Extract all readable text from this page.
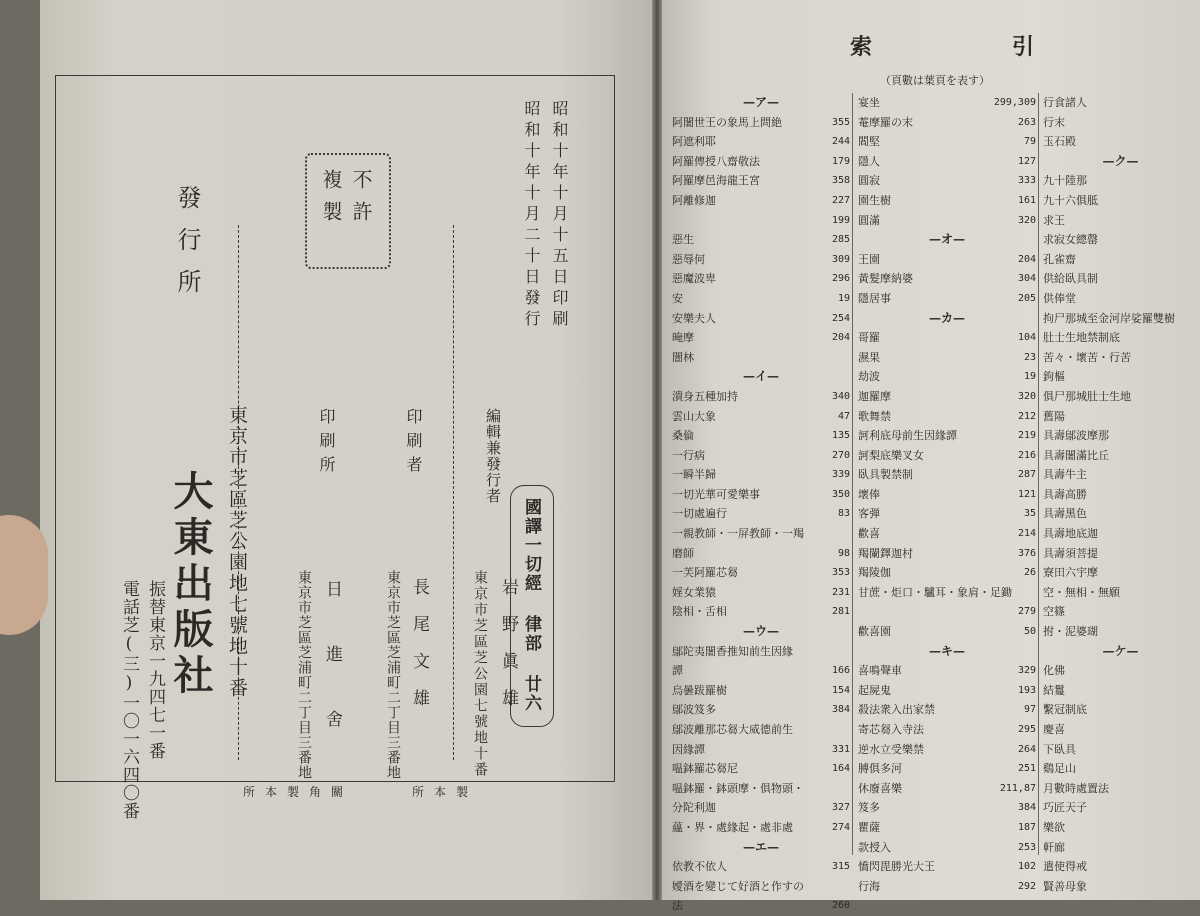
昭和十年十月十五日印刷
昭和十年十月二十日發行
不許
複製
發行所
編輯兼發行者
岩野眞雄
東京市芝區芝公園七號地十番
印刷者
長尾文雄
東京市芝區芝浦町二丁目三番地
印刷所
日進舍
東京市芝區芝浦町二丁目三番地	國譯一切經 律部 廿六
東京市芝區芝公園地七號地十番
大東出版社
振替東京一九四七一番
電話芝(三)一〇一六四〇番	所本製角關	所本製
索	引
（頁數は葉頁を表す）
— ア —
阿闍世王の象馬上問絶	355
阿遮利耶	244
阿羅傳授八齋敬法	179
阿羅摩邑海龍王宮	358
阿離修迦	227
199
惡生	285
惡辱何	309
惡魔波卑	296
安	19
安樂夫人	254
晻摩	204
闇林
— イ —
潰身五種加持	340
雲山大象	47
桑倫	135
一行病	270
一瞬半歸	339
一切光華可愛樂事	350
一切處遍行	83
一親教師・一屏教師・一羯
磨師	98
一芙阿羅芯芻	353
婬女業猿	231
陰相・舌相	281
— ウ —
鄔陀夷闍香推知前生因緣
譚	166
烏曇跋羅樹	154
鄔波笈多	384
鄔波離那芯芻大威德前生
因緣譚	331
嗢鉢羅芯芻尼	164
嗢鉢羅・鉢頭摩・俱物頭・
分陀利迦	327
蘊・界・處緣起・處非處	274
— エ —
依教不依人	315
嬡酒を變じて好酒と作すの
法	260
宴坐	299,309
菴摩羅の末	263
閻堅	79
隱人	127
圓寂	333
園生樹	161
圓滿	320
— オ —
王園	204
黃髮摩納婆	304
隱居事	205
— カ —
哥羅	104
濕果	23
劫波	19
迦羅摩	320
歌舞禁	212
訶利底母前生因緣譚	219
訶梨底樂叉女	216
臥具製禁制	287
壞俸	121
客弾	35
歡喜	214
羯闌鐸迦村	376
羯陵伽	26
甘蔗・炬口・驢耳・象肩・足鋤
279
歡喜園	50
— キ —
喜鳴聲車	329
起屍鬼	193
殺法衆入出家禁	97
寄芯芻入寺法	295
逆水立受樂禁	264
膊俱多河	251
休廢喜樂	211,87
笈多	384
瞿薩	187
款授入	253
憍閃毘勝光大王	102
行海	292
行食諸人
行末
玉石殿
— ク —
九十陸那
九十六俱胝
求王
求寂女總罄
孔雀齋
供給臥具制
供俸堂
拘尸那城至金河岸娑羅雙樹
肚士生地禁制底
苦々・壞苦・行苦
鉤樞
俱尸那城肚士生地
舊陽
具壽鄔波摩那
具壽闍滿比丘
具壽牛主
具壽高勝
具壽黑色
具壽地底迦
具壽須菩提
寮田六宇摩
空・無相・無願
空篠
拊・泥婆瑚
— ケ —
化佛
結鬘
繫冠制底
慶喜
下臥具
鷄足山
月數時處置法
巧匠天子
樂欲
軒廊
遣使得戒
賢善母象
